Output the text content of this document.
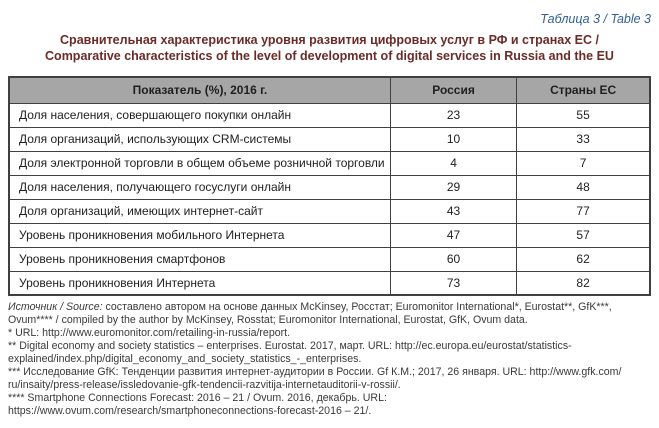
Таблица 3 / Table 3
Сравнительная характеристика уровня развития цифровых услуг в РФ и странах ЕС /
Comparative characteristics of the level of development of digital services in Russia and the EU
Показатель (%), 2016 г.	Россия	Страны ЕС
Доля населения, совершающего покупки онлайн	23	55
Доля организаций, использующих CRM-системы	10	33
Доля электронной торговли в общем объеме розничной торговли	4	7
Доля населения, получающего госуслуги онлайн	29	48
Доля организаций, имеющих интернет-сайт	43	77
Уровень проникновения мобильного Интернета	47	57
Уровень проникновения смартфонов	60	62
Уровень проникновения Интернета	73	82

Источник / Source: составлено автором на основе данных McKinsey, Росстат; Euromonitor International*, Eurostat**, GfK***, Ovum**** / compiled by the author by McKinsey, Rosstat; Euromonitor International, Eurostat, GfK, Ovum data.

* URL: http://www.euromonitor.com/retailing-in-russia/report.

** Digital economy and society statistics – enterprises. Eurostat. 2017, март. URL: http://ec.europa.eu/eurostat/statistics-explained/index.php/digital_economy_and_society_statistics_-_enterprises.

*** Исследование GfK: Тенденции развития интернет-аудитории в России. Gf К.М.; 2017, 26 января. URL: http://www.gfk.com/ ru/insaity/press-release/issledovanie-gfk-tendencii-razvitija-internetauditorii-v-rossii/.

**** Smartphone Connections Forecast: 2016 – 21 / Ovum. 2016, декабрь. URL: https://www.ovum.com/research/smartphoneconnections-forecast-2016 – 21/.
